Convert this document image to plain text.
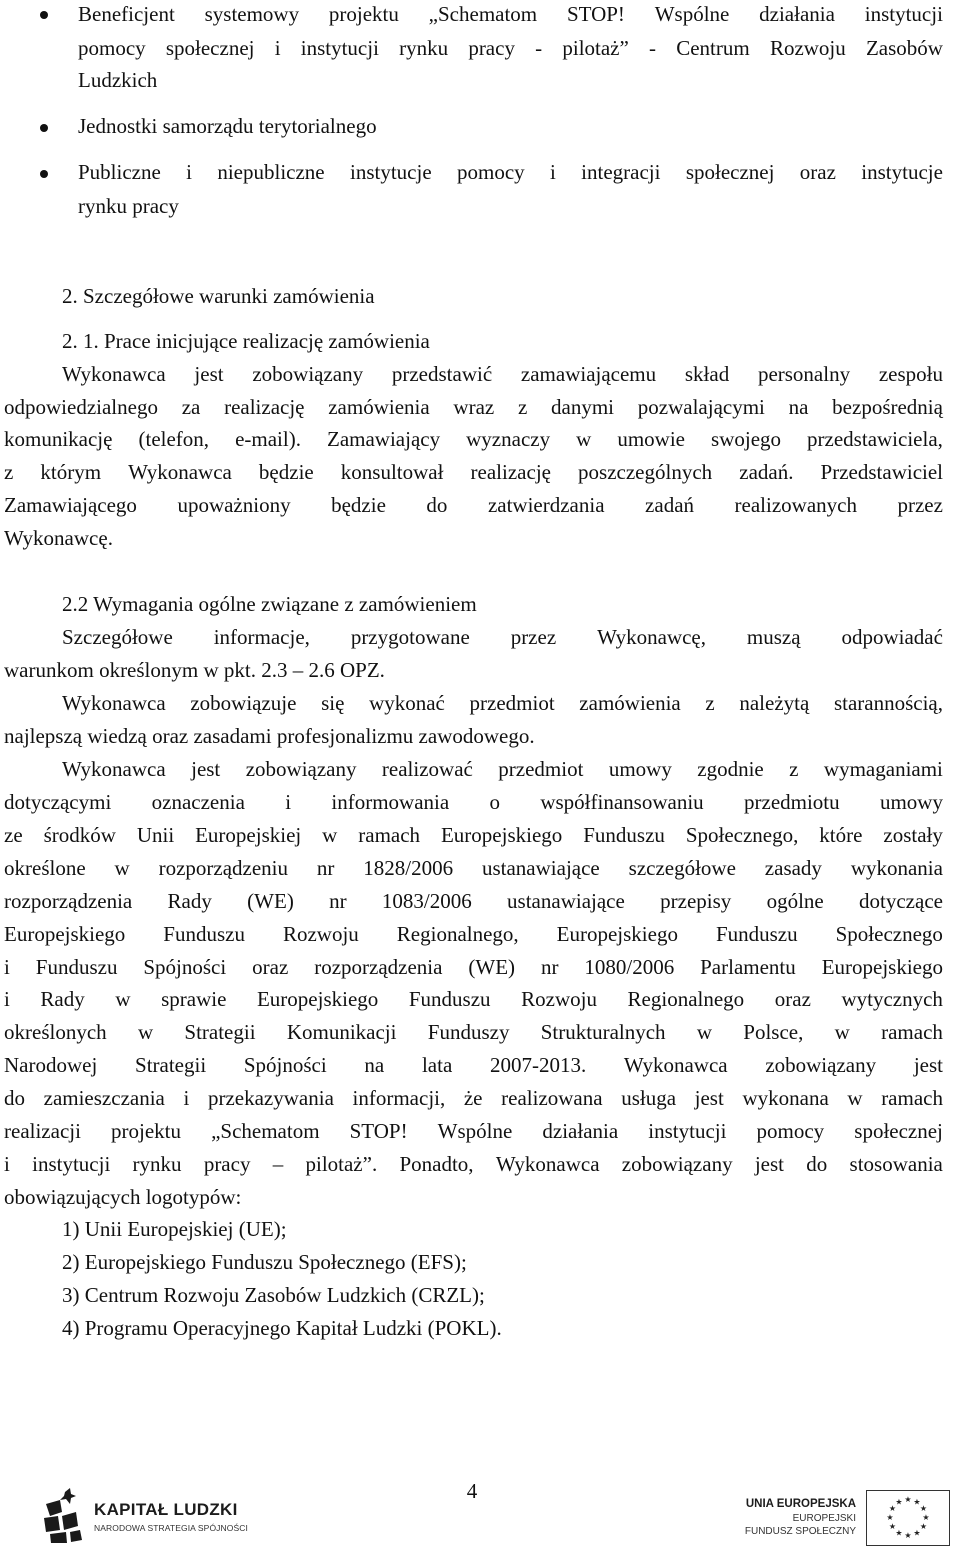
Beneficjent systemowy projektu „Schematom STOP! Wspólne działania instytucji
pomocy społecznej i instytucji rynku pracy - pilotaż” - Centrum Rozwoju Zasobów
Ludzkich
Jednostki samorządu terytorialnego
Publiczne i niepubliczne instytucje pomocy i integracji społecznej oraz instytucje
rynku pracy
2. Szczegółowe warunki zamówienia
2. 1. Prace inicjujące realizację zamówienia
Wykonawca jest zobowiązany przedstawić zamawiającemu skład personalny zespołu
odpowiedzialnego za realizację zamówienia wraz z danymi pozwalającymi na bezpośrednią
komunikację (telefon, e-mail). Zamawiający wyznaczy w umowie swojego przedstawiciela,
z którym Wykonawca będzie konsultował realizację poszczególnych zadań. Przedstawiciel
Zamawiającego upoważniony będzie do zatwierdzania zadań realizowanych przez
Wykonawcę.
2.2 Wymagania ogólne związane z zamówieniem
Szczegółowe informacje, przygotowane przez Wykonawcę, muszą odpowiadać
warunkom określonym w pkt. 2.3 – 2.6 OPZ.
Wykonawca zobowiązuje się wykonać przedmiot zamówienia z należytą starannością,
najlepszą wiedzą oraz zasadami profesjonalizmu zawodowego.
Wykonawca jest zobowiązany realizować przedmiot umowy zgodnie z wymaganiami
dotyczącymi oznaczenia i informowania o współfinansowaniu przedmiotu umowy
ze środków Unii Europejskiej w ramach Europejskiego Funduszu Społecznego, które zostały
określone w rozporządzeniu nr 1828/2006 ustanawiające szczegółowe zasady wykonania
rozporządzenia Rady (WE) nr 1083/2006 ustanawiające przepisy ogólne dotyczące
Europejskiego Funduszu Rozwoju Regionalnego, Europejskiego Funduszu Społecznego
i Funduszu Spójności oraz rozporządzenia (WE) nr 1080/2006 Parlamentu Europejskiego
i Rady w sprawie Europejskiego Funduszu Rozwoju Regionalnego oraz wytycznych
określonych w Strategii Komunikacji Funduszy Strukturalnych w Polsce, w ramach
Narodowej Strategii Spójności na lata 2007-2013. Wykonawca zobowiązany jest
do zamieszczania i przekazywania informacji, że realizowana usługa jest wykonana w ramach
realizacji projektu „Schematom STOP! Wspólne działania instytucji pomocy społecznej
i instytucji rynku pracy – pilotaż”. Ponadto, Wykonawca zobowiązany jest do stosowania
obowiązujących logotypów:
1) Unii Europejskiej (UE);
2) Europejskiego Funduszu Społecznego (EFS);
3) Centrum Rozwoju Zasobów Ludzkich (CRZL);
4) Programu Operacyjnego Kapitał Ludzki (POKL).
4
KAPITAŁ LUDZKI
NARODOWA STRATEGIA SPÓJNOŚCI
UNIA EUROPEJSKA
EUROPEJSKI
FUNDUSZ SPOŁECZNY
★ ★
★
★
★
★
★
★
★
★
★
★
